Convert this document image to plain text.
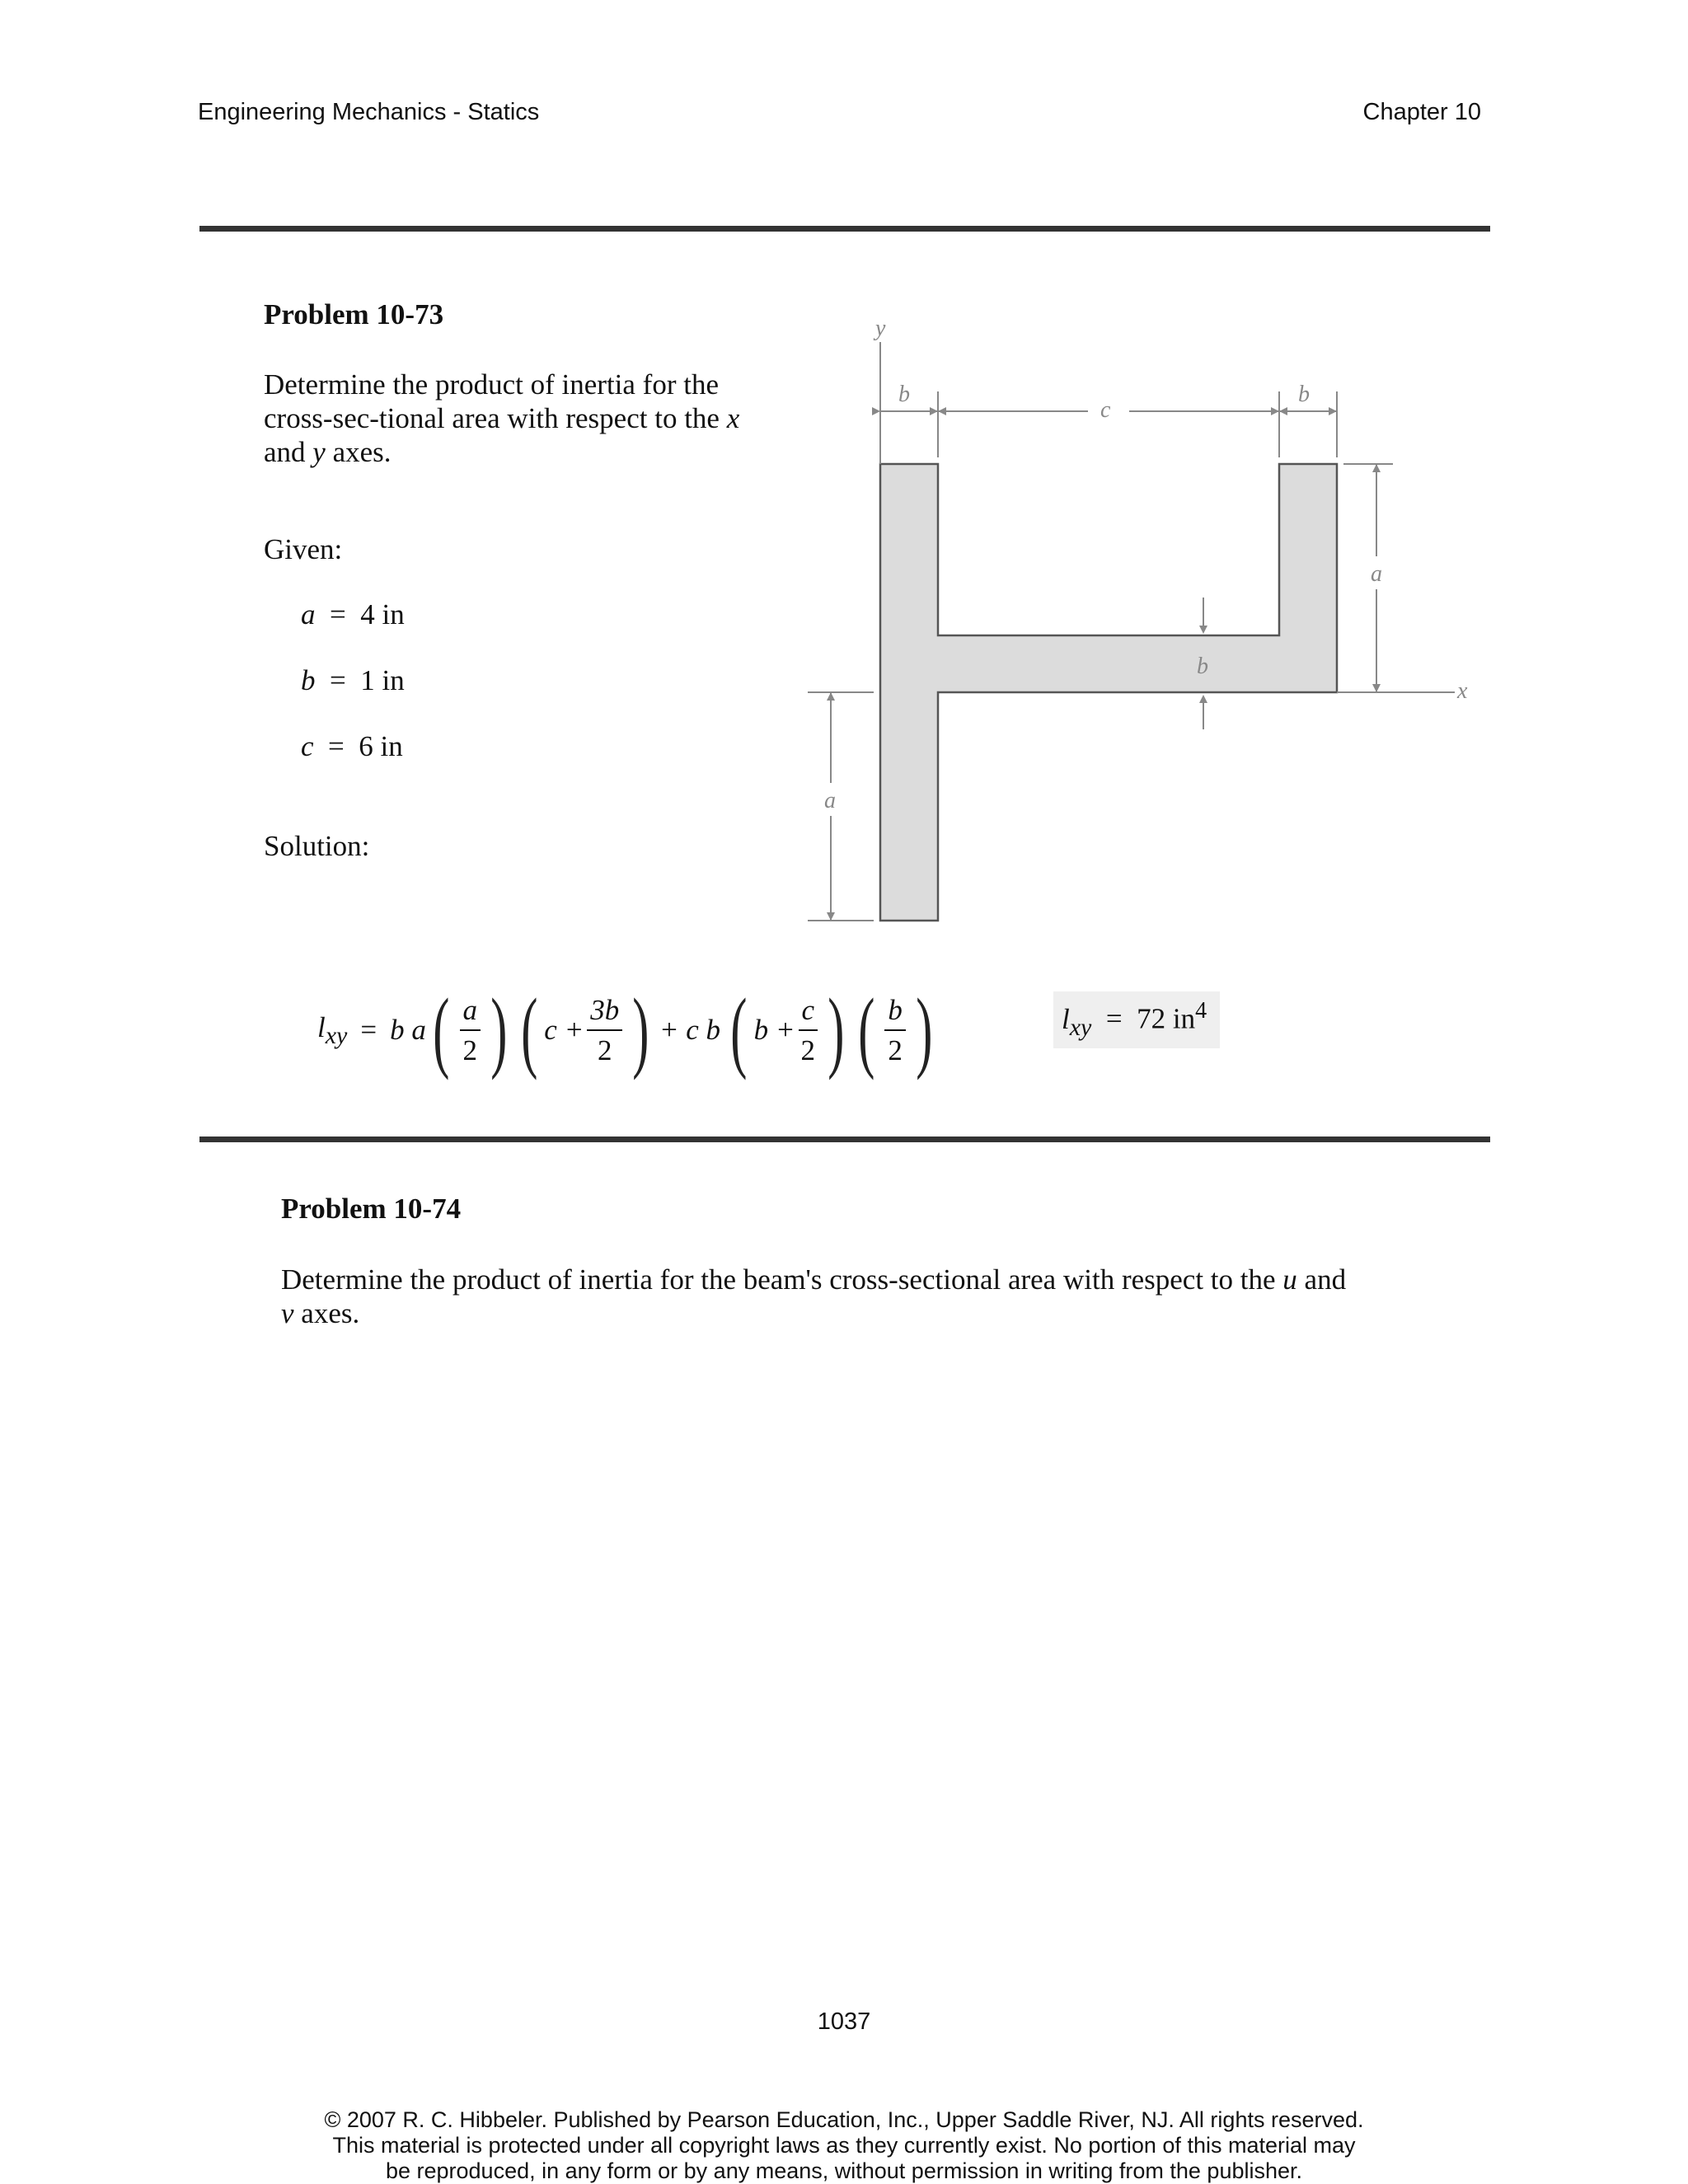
Engineering Mechanics - Statics	Chapter 10
Problem 10-73
Determine the product of inertia for the
cross-sec-tional area with respect to the x
and y axes.
Given:
a = 4 in
b = 1 in
c = 6 in
Solution:
y
x
b
c
b
a
b
a
$l_{xy} = b$ a ( $\frac{a}{2}$ ) ( $c + \frac{3b}{2}$ ) + c b ( $b + \frac{c}{2}$ ) ( $\frac{b}{2}$ )	$l_{xy} = 72$ $in^4$
Problem 10-74
Determine the product of inertia for the beam's cross-sectional area with respect to the u and
v axes.
1037
© 2007 R. C. Hibbeler. Published by Pearson Education, Inc., Upper Saddle River, NJ. All rights reserved.
This material is protected under all copyright laws as they currently exist. No portion of this material may
be reproduced, in any form or by any means, without permission in writing from the publisher.
